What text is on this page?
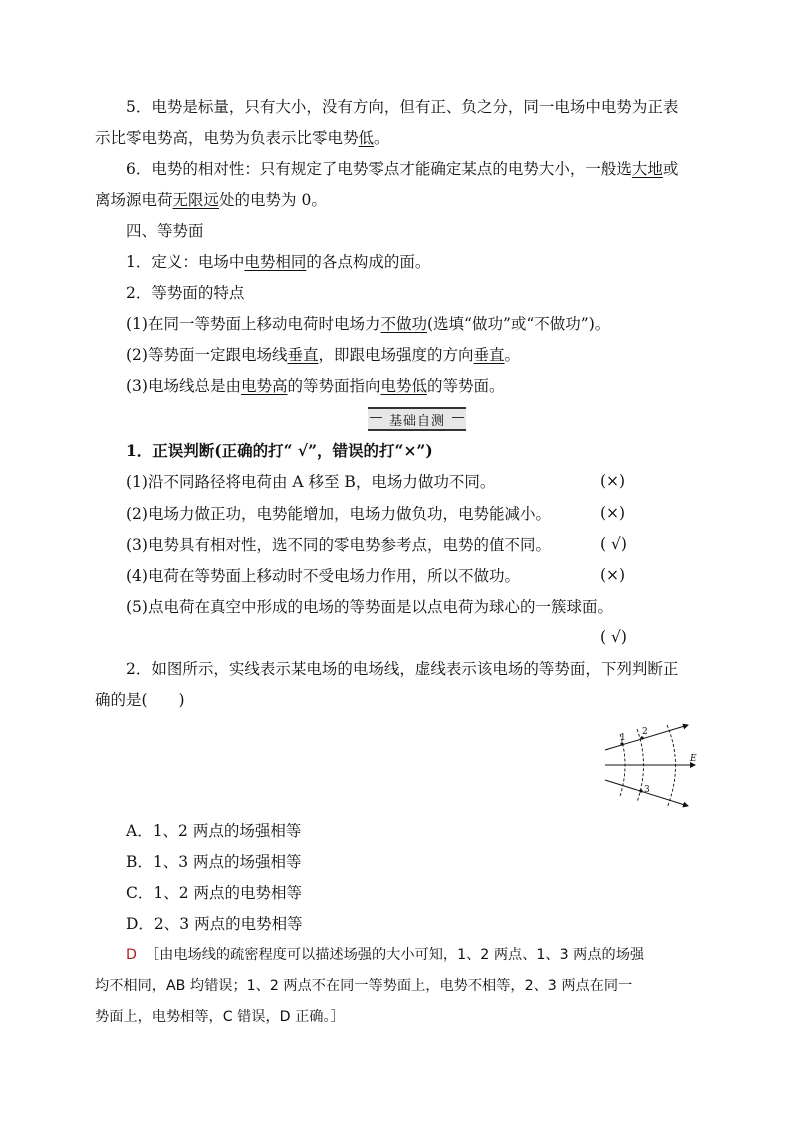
5．电势是标量，只有大小，没有方向，但有正、负之分，同一电场中电势为正表
示比零电势高，电势为负表示比零电势低。
6．电势的相对性：只有规定了电势零点才能确定某点的电势大小，一般选大地或
离场源电荷无限远处的电势为 0。
四、等势面
1．定义：电场中电势相同的各点构成的面。
2．等势面的特点
(1)在同一等势面上移动电荷时电场力不做功(选填“做功”或“不做功”)。
(2)等势面一定跟电场线垂直，即跟电场强度的方向垂直。
(3)电场线总是由电势高的等势面指向电势低的等势面。
基础自测
1．正误判断(正确的打“ √”，错误的打“×”)
(1)沿不同路径将电荷由 A 移至 B，电场力做功不同。	(×)
(2)电场力做正功，电势能增加，电场力做负功，电势能减小。	(×)
(3)电势具有相对性，选不同的零电势参考点，电势的值不同。	( √)
(4)电荷在等势面上移动时不受电场力作用，所以不做功。	(×)
(5)点电荷在真空中形成的电场的等势面是以点电荷为球心的一簇球面。
( √)
2．如图所示，实线表示某电场的电场线，虚线表示该电场的等势面，下列判断正
确的是(　　)
1
2
3
E
A．1、2 两点的场强相等
B．1、3 两点的场强相等
C．1、2 两点的电势相等
D．2、3 两点的电势相等
D ［由电场线的疏密程度可以描述场强的大小可知，1、2 两点、1、3 两点的场强
均不相同，AB 均错误；1、2 两点不在同一等势面上，电势不相等，2、3 两点在同一
势面上，电势相等，C 错误，D 正确。］
